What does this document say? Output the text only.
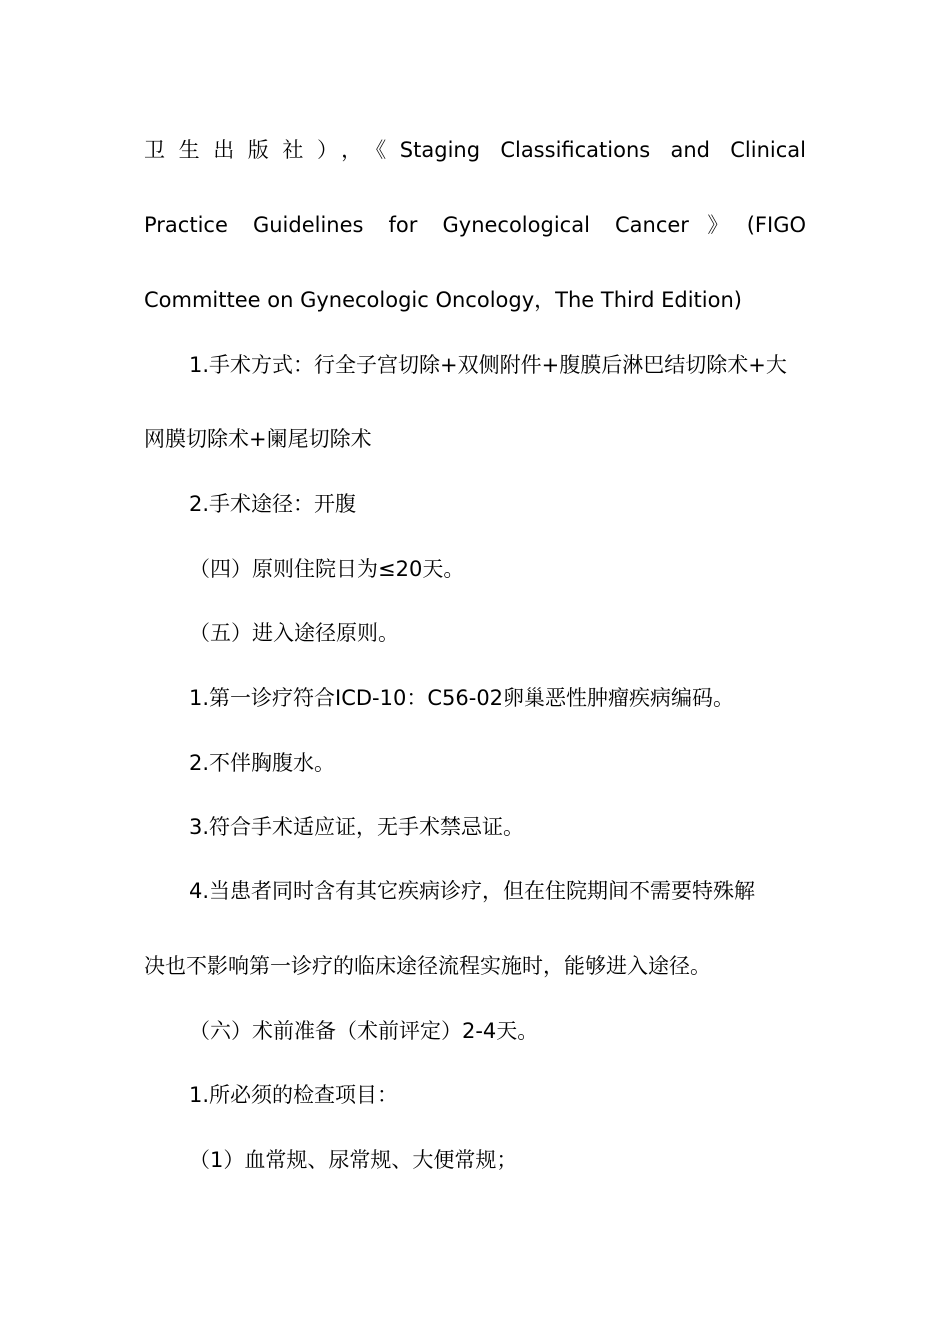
卫生出版社），《Staging Classifications and Clinical
Practice Guidelines for Gynecological Cancer》(FIGO
Committee on Gynecologic Oncology，The Third Edition)
1.手术方式：行全子宫切除+双侧附件+腹膜后淋巴结切除术+大
网膜切除术+阑尾切除术
2.手术途径：开腹
（四）原则住院日为≤20天。
（五）进入途径原则。
1.第一诊疗符合ICD-10：C56-02卵巢恶性肿瘤疾病编码。
2.不伴胸腹水。
3.符合手术适应证，无手术禁忌证。
4.当患者同时含有其它疾病诊疗，但在住院期间不需要特殊解
决也不影响第一诊疗的临床途径流程实施时，能够进入途径。
（六）术前准备（术前评定）2-4天。
1.所必须的检查项目：
（1）血常规、尿常规、大便常规；
